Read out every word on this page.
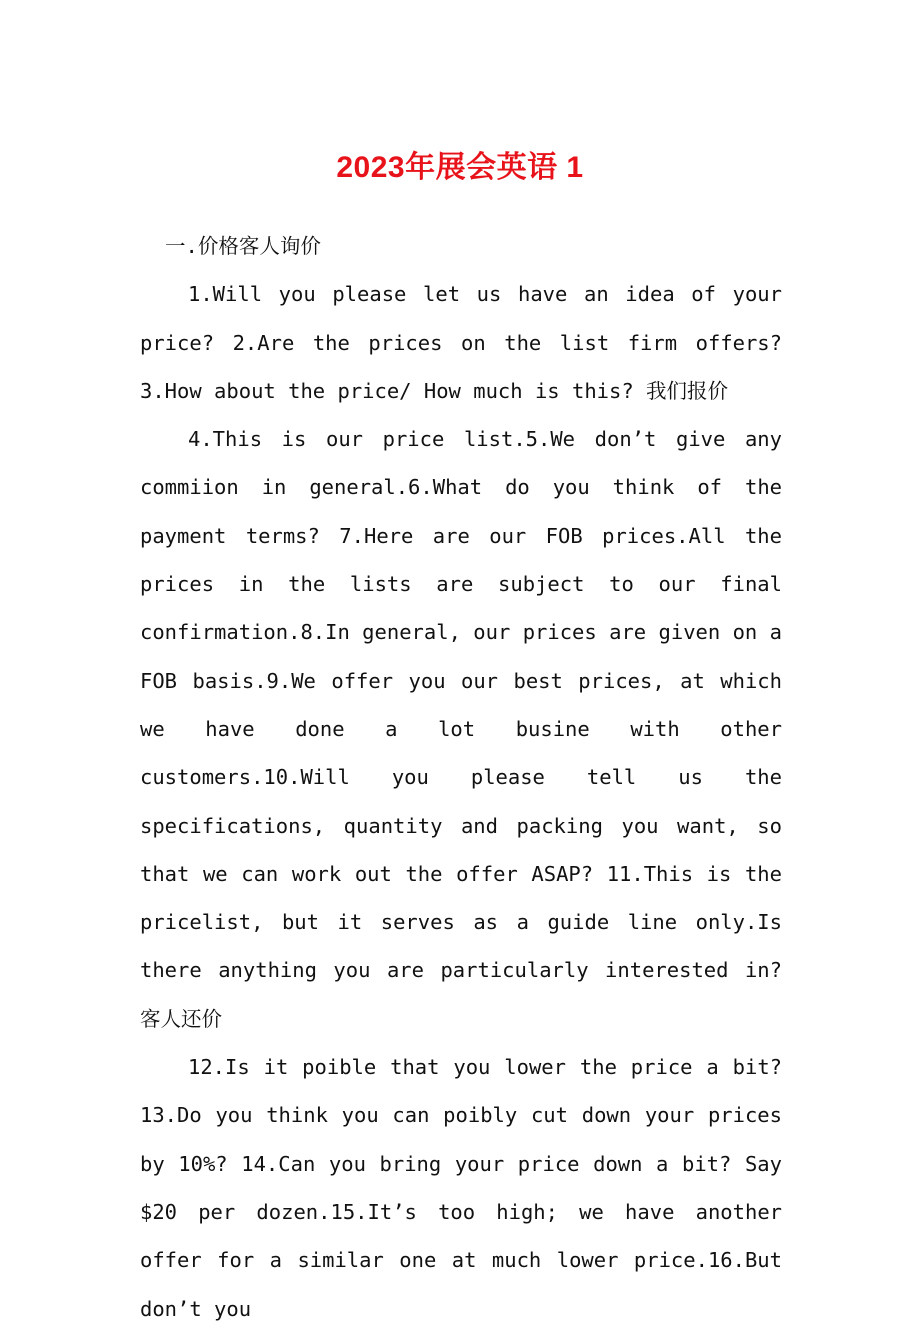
2023年展会英语 1

一.价格客人询价

1.Will you please let us have an idea of your price? 2.Are the prices on the list firm offers? 3.How about the price/ How much is this? 我们报价

4.This is our price list.5.We don’t give any commiion in general.6.What do you think of the payment terms? 7.Here are our FOB prices.All the prices in the lists are subject to our final confirmation.8.In general, our prices are given on a FOB basis.9.We offer you our best prices, at which we have done a lot busine with other customers.10.Will you please tell us the specifications, quantity and packing you want, so that we can work out the offer ASAP? 11.This is the pricelist, but it serves as a guide line only.Is there anything you are particularly interested in? 客人还价

12.Is it poible that you lower the price a bit? 13.Do you think you can poibly cut down your prices by 10%? 14.Can you bring your price down a bit? Say $20 per dozen.15.It’s too high; we have another offer for a similar one at much lower price.16.But don’t you
